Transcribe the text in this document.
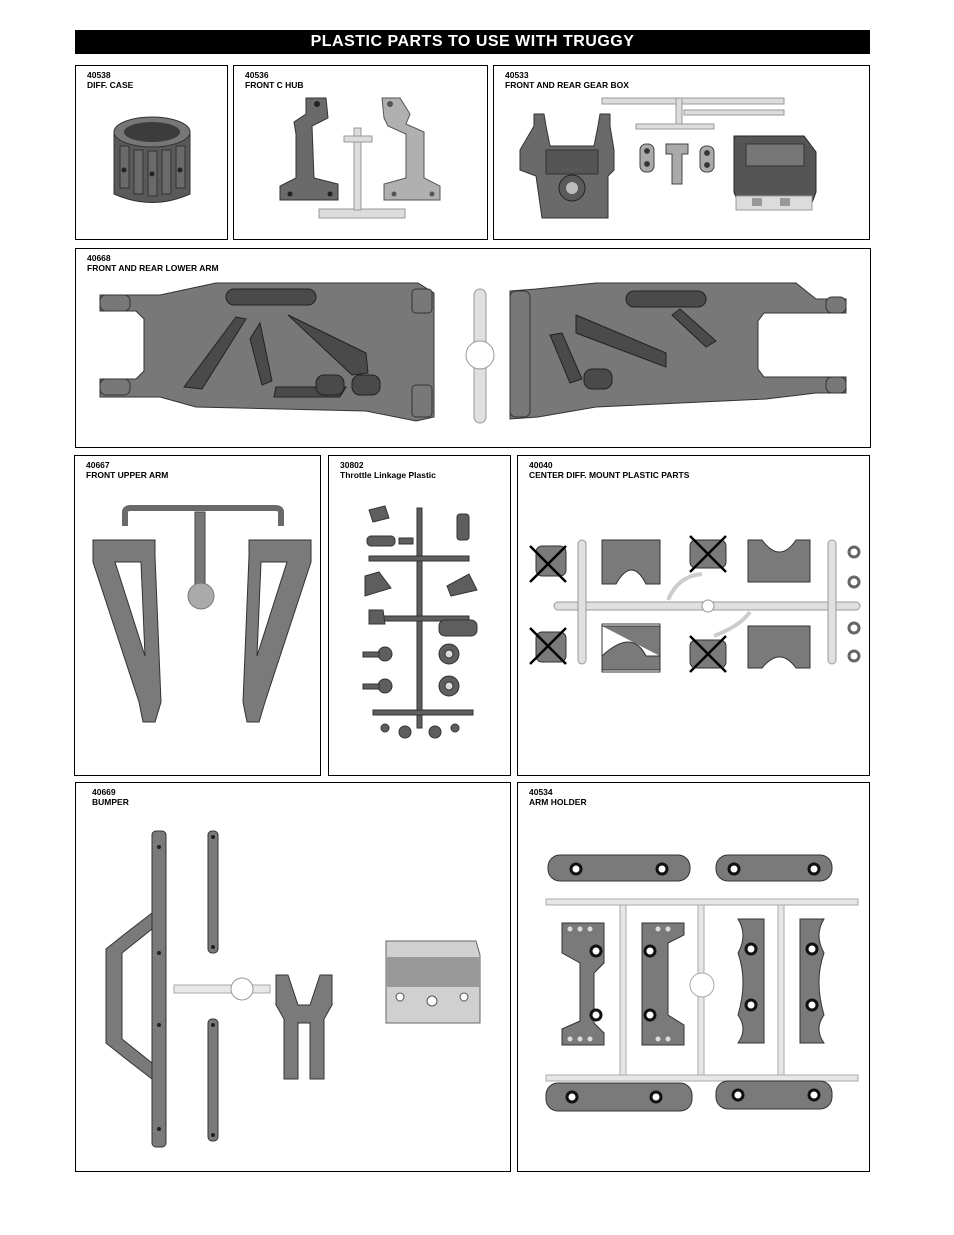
PLASTIC PARTS TO USE WITH TRUGGY
40538
DIFF. CASE
40536
FRONT C HUB
40533
FRONT AND REAR GEAR BOX
40668
FRONT AND REAR LOWER ARM
40667
FRONT UPPER ARM
30802
Throttle Linkage Plastic
40040
CENTER DIFF. MOUNT PLASTIC PARTS
40669
BUMPER
40534
ARM HOLDER
